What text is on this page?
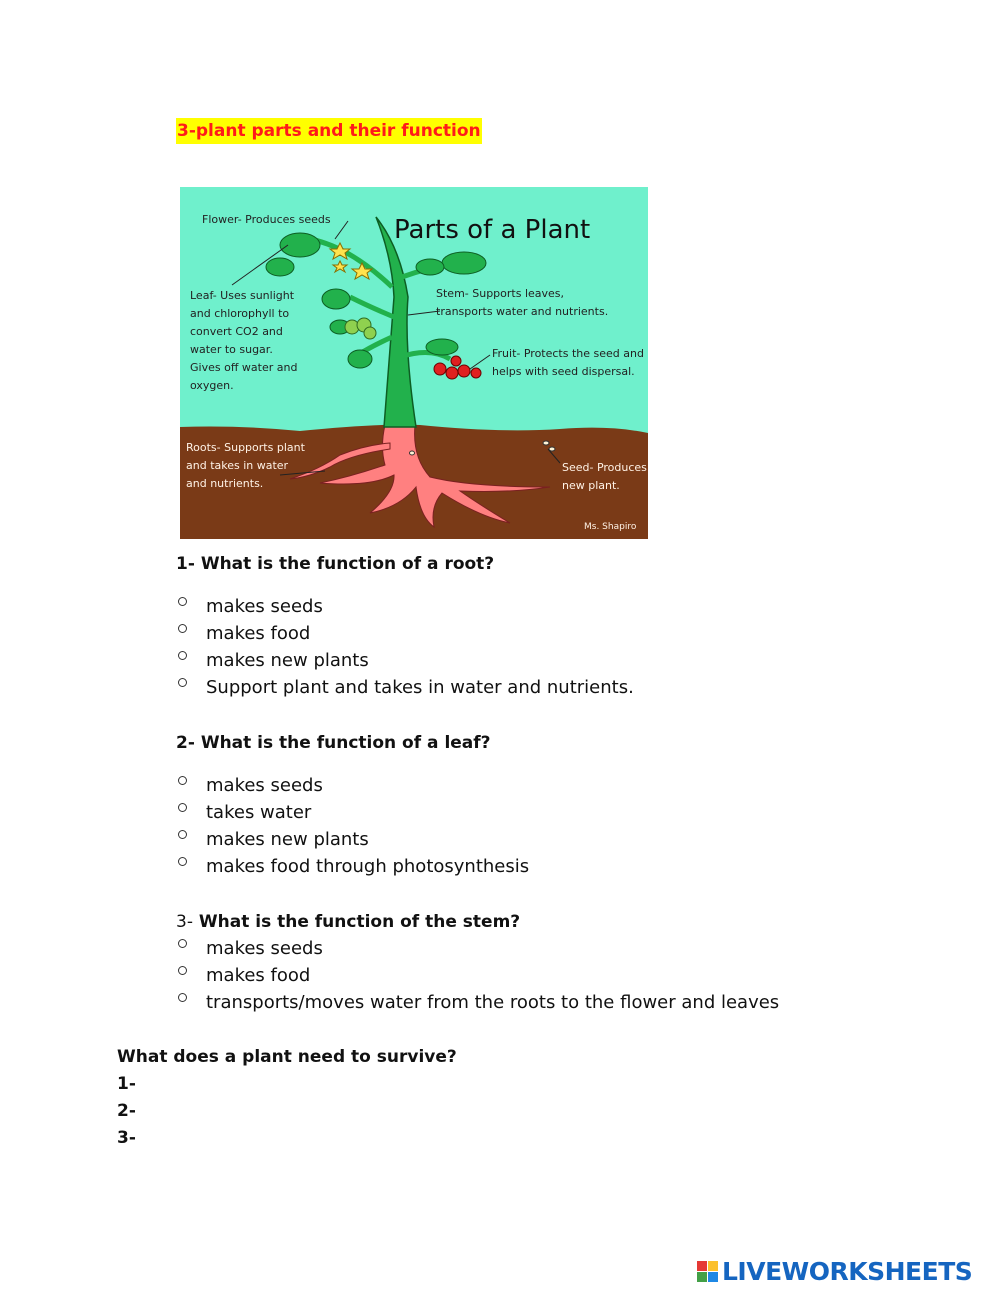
3-plant parts and their function
Parts of a Plant
Flower- Produces seeds
Leaf- Uses sunlight
and chlorophyll to
convert CO2 and
water to sugar.
Gives off water and
oxygen.
Stem- Supports leaves,
transports water and nutrients.
Fruit- Protects the seed and
helps with seed dispersal.
Roots- Supports plant
and takes in water
and nutrients.
Seed- Produces
new plant.
Ms. Shapiro
1- What is the function of a root?
makes seeds
makes food
makes new plants
Support plant and takes in water and nutrients.
2- What is the function of a leaf?
makes seeds
takes water
makes new plants
makes food through photosynthesis
3- What is the function of the stem?
makes seeds
makes food
transports/moves water from the roots to the flower and leaves
What does a plant need to survive?
1-
2-
3-
LIVEWORKSHEETS
